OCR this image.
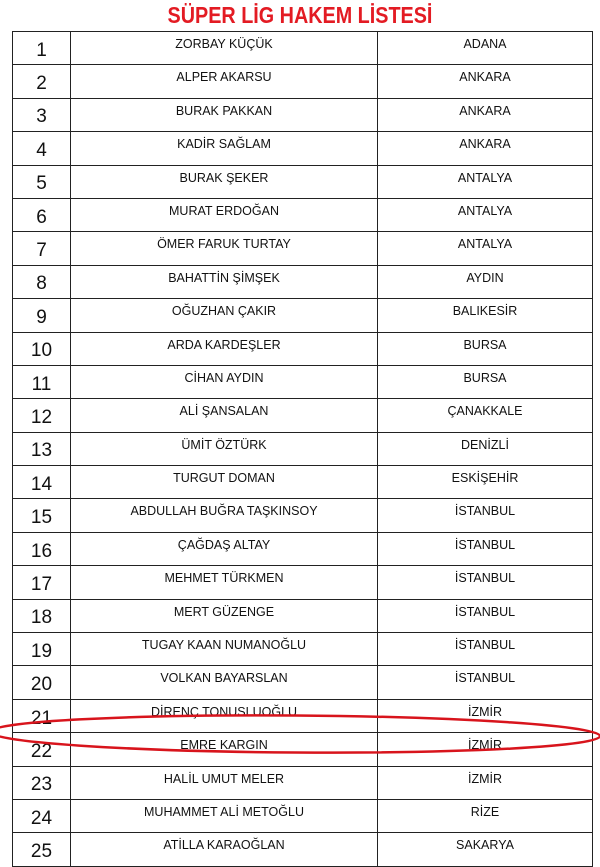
SÜPER LİG HAKEM LİSTESİ
1	ZORBAY KÜÇÜK	ADANA
2	ALPER AKARSU	ANKARA
3	BURAK PAKKAN	ANKARA
4	KADİR SAĞLAM	ANKARA
5	BURAK ŞEKER	ANTALYA
6	MURAT ERDOĞAN	ANTALYA
7	ÖMER FARUK TURTAY	ANTALYA
8	BAHATTİN ŞİMŞEK	AYDIN
9	OĞUZHAN ÇAKIR	BALIKESİR
10	ARDA KARDEŞLER	BURSA
11	CİHAN AYDIN	BURSA
12	ALİ ŞANSALAN	ÇANAKKALE
13	ÜMİT ÖZTÜRK	DENİZLİ
14	TURGUT DOMAN	ESKİŞEHİR
15	ABDULLAH BUĞRA TAŞKINSOY	İSTANBUL
16	ÇAĞDAŞ ALTAY	İSTANBUL
17	MEHMET TÜRKMEN	İSTANBUL
18	MERT GÜZENGE	İSTANBUL
19	TUGAY KAAN NUMANOĞLU	İSTANBUL
20	VOLKAN BAYARSLAN	İSTANBUL
21	DİRENÇ TONUSLUOĞLU	İZMİR
22	EMRE KARGIN	İZMİR
23	HALİL UMUT MELER	İZMİR
24	MUHAMMET ALİ METOĞLU	RİZE
25	ATİLLA KARAOĞLAN	SAKARYA
